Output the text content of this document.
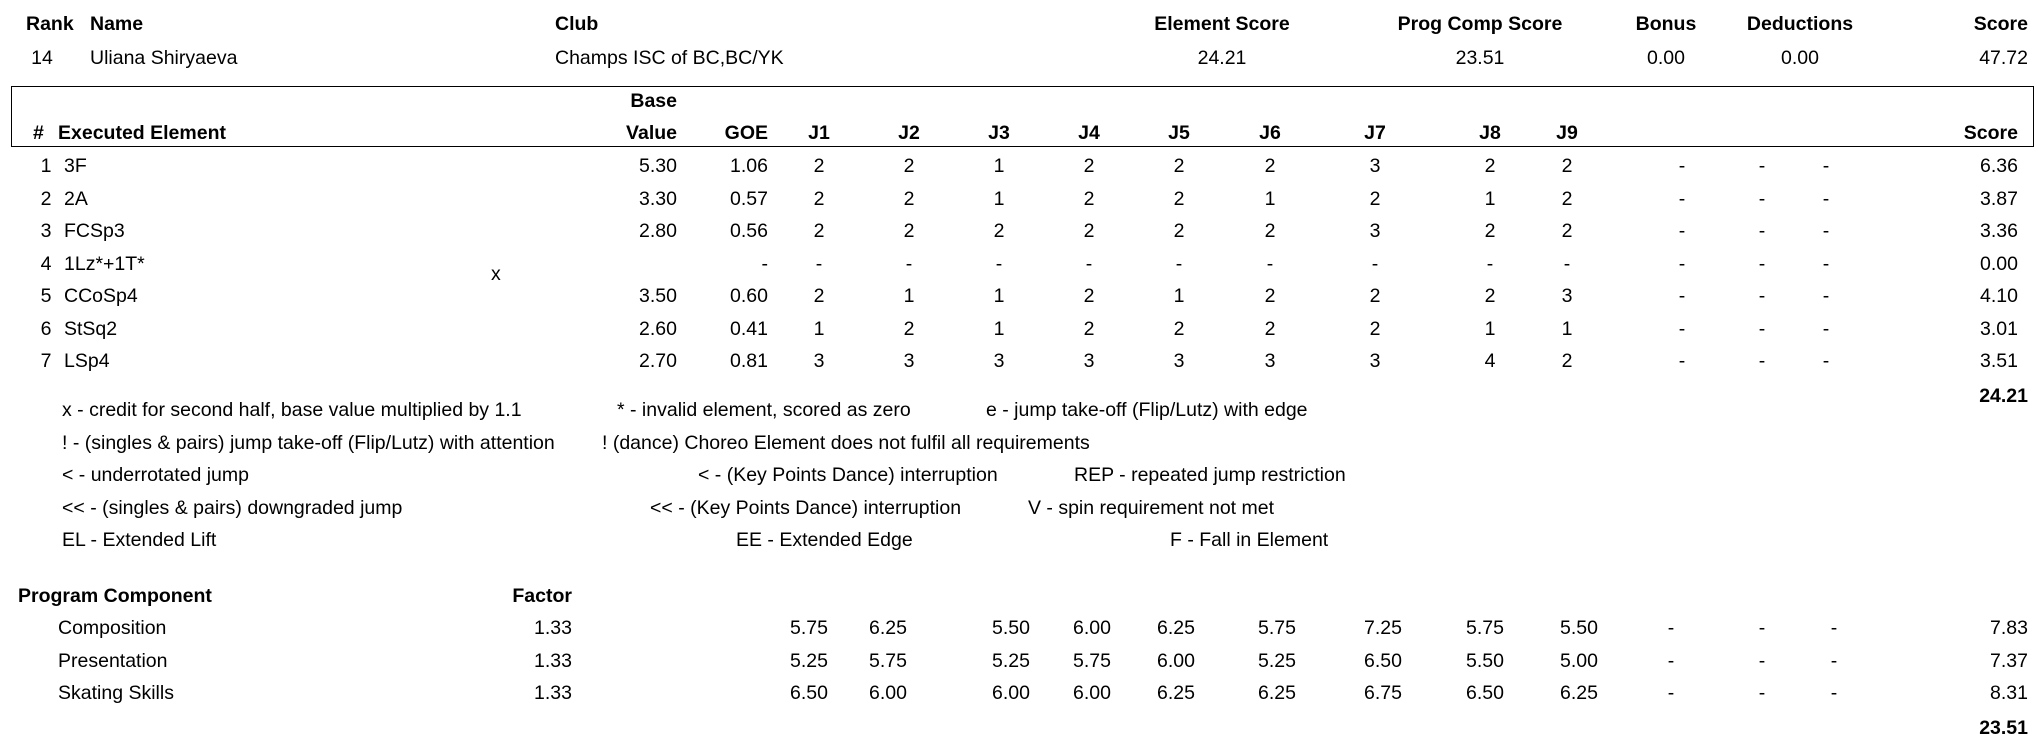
Rank Name	Club	Element Score	Prog Comp Score	Bonus	Deductions	Score
14	Uliana Shiryaeva	Champs ISC of BC,BC/YK	24.21	23.51	0.00	0.00	47.72
# Executed Element
Base
Value	GOE	J1	J2	J3	J4	J5	J6	J7	J8	J9	Score
1 3F	5.30	1.06	2	2	1	2	2	2	3	2	2	-	-	-	6.36
2 2A	3.30	0.57	2	2	1	2	2	1	2	1	2	-	-	-	3.87
3 FCSp3	2.80	0.56	2	2	2	2	2	2	3	2	2	-	-	-	3.36
4 1Lz*+1T*	x	-	-	-	-	-	-	-	-	-	-	-	-	-	0.00
5 CCoSp4	3.50	0.60	2	1	1	2	1	2	2	2	3	-	-	-	4.10
6 StSq2	2.60	0.41	1	2	1	2	2	2	2	1	1	-	-	-	3.01
7 LSp4	2.70	0.81	3	3	3	3	3	3	3	4	2	-	-	-	3.51
24.21
x - credit for second half, base value multiplied by 1.1	* - invalid element, scored as zero	e - jump take-off (Flip/Lutz) with edge
! - (singles & pairs) jump take-off (Flip/Lutz) with attention ! (dance) Choreo Element does not fulfil all requirements
< - underrotated jump	< - (Key Points Dance) interruption	REP - repeated jump restriction
<< - (singles & pairs) downgraded jump	<< - (Key Points Dance) interruption	V - spin requirement not met
EL - Extended Lift	EE - Extended Edge	F - Fall in Element
Program Component	Factor
Composition	1.33	5.75	6.25	5.50	6.00	6.25	5.75	7.25	5.75	5.50	-	-	-	7.83
Presentation	1.33	5.25	5.75	5.25	5.75	6.00	5.25	6.50	5.50	5.00	-	-	-	7.37
Skating Skills	1.33	6.50	6.00	6.00	6.00	6.25	6.25	6.75	6.50	6.25	-	-	-	8.31
23.51
